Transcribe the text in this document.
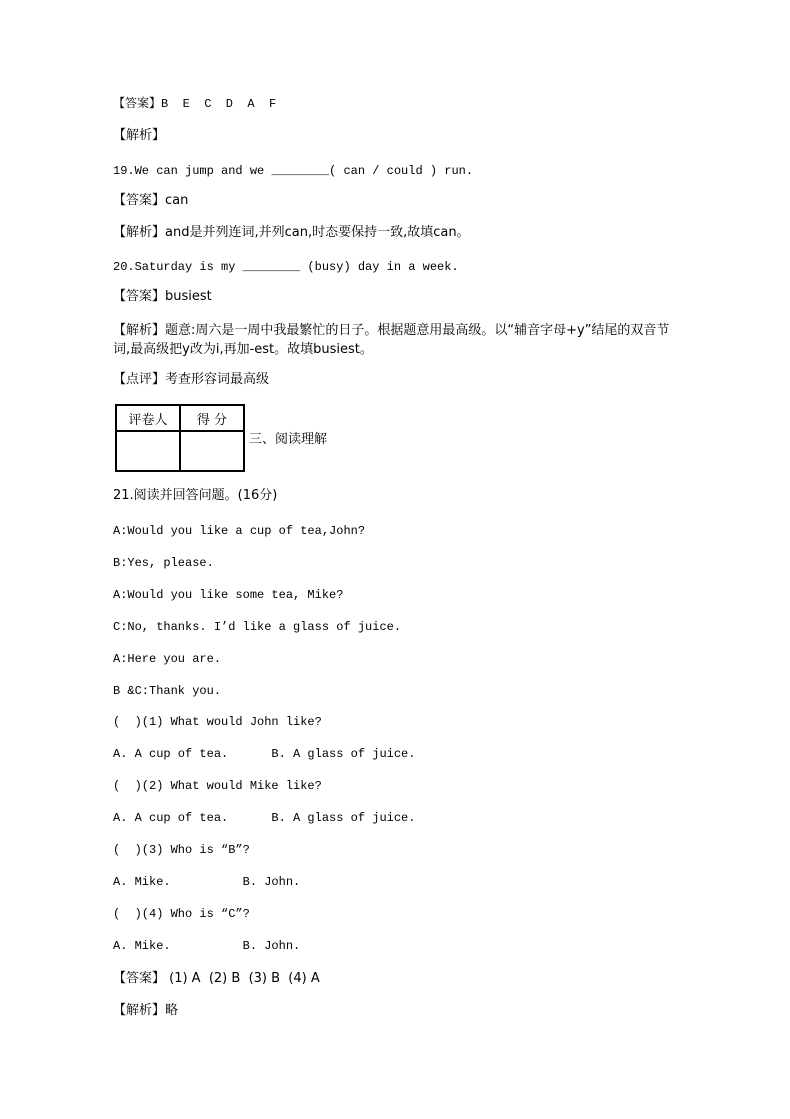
【答案】B  E  C  D  A  F
【解析】
19.We can jump and we ________( can / could ) run.
【答案】can
【解析】and是并列连词,并列can,时态要保持一致,故填can。
20.Saturday is my ________ (busy) day in a week.
【答案】busiest
【解析】题意:周六是一周中我最繁忙的日子。根据题意用最高级。以“辅音字母+y”结尾的双音节词,最高级把y改为i,再加-est。故填busiest。
【点评】考查形容词最高级
评卷人	得 分

三、阅读理解
21.阅读并回答问题。(16分)
A:Would you like a cup of tea,John?
B:Yes, please.
A:Would you like some tea, Mike?
C:No, thanks. I’d like a glass of juice.
A:Here you are.
B &C:Thank you.
(  )(1) What would John like?
A. A cup of tea.      B. A glass of juice.
(  )(2) What would Mike like?
A. A cup of tea.      B. A glass of juice.
(  )(3) Who is “B”?
A. Mike.          B. John.
(  )(4) Who is “C”?
A. Mike.          B. John.
【答案】 (1) A  (2) B  (3) B  (4) A
【解析】略
